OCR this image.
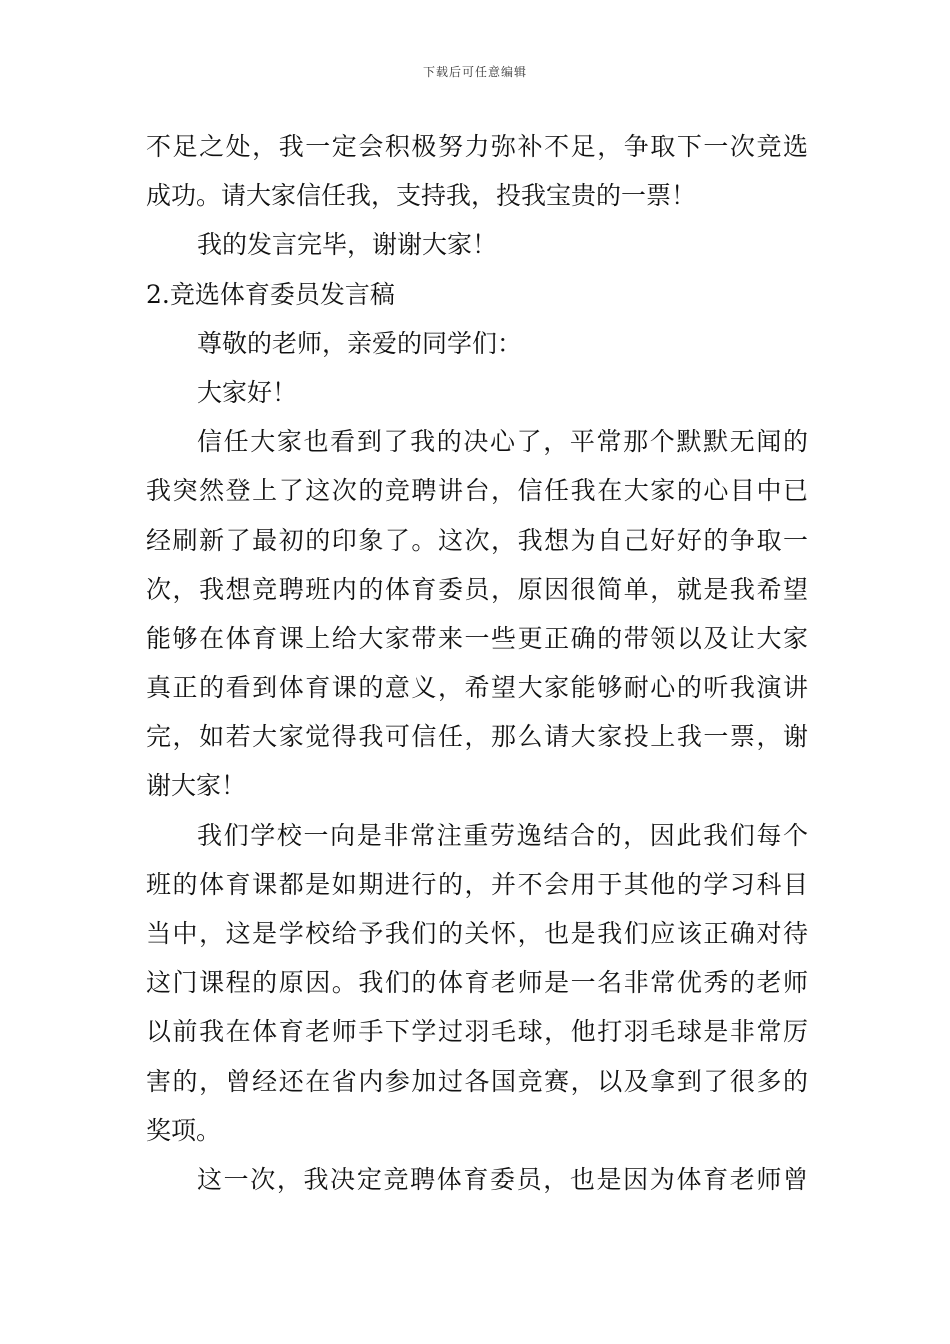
下载后可任意编辑
不足之处，我一定会积极努力弥补不足，争取下一次竞选
成功。请大家信任我，支持我，投我宝贵的一票！
我的发言完毕，谢谢大家！
2.竞选体育委员发言稿
尊敬的老师，亲爱的同学们：
大家好！
信任大家也看到了我的决心了，平常那个默默无闻的
我突然登上了这次的竞聘讲台，信任我在大家的心目中已
经刷新了最初的印象了。这次，我想为自己好好的争取一
次，我想竞聘班内的体育委员，原因很简单，就是我希望
能够在体育课上给大家带来一些更正确的带领以及让大家
真正的看到体育课的意义，希望大家能够耐心的听我演讲
完，如若大家觉得我可信任，那么请大家投上我一票，谢
谢大家！
我们学校一向是非常注重劳逸结合的，因此我们每个
班的体育课都是如期进行的，并不会用于其他的学习科目
当中，这是学校给予我们的关怀，也是我们应该正确对待
这门课程的原因。我们的体育老师是一名非常优秀的老师
以前我在体育老师手下学过羽毛球，他打羽毛球是非常厉
害的，曾经还在省内参加过各国竞赛，以及拿到了很多的
奖项。
这一次，我决定竞聘体育委员，也是因为体育老师曾
